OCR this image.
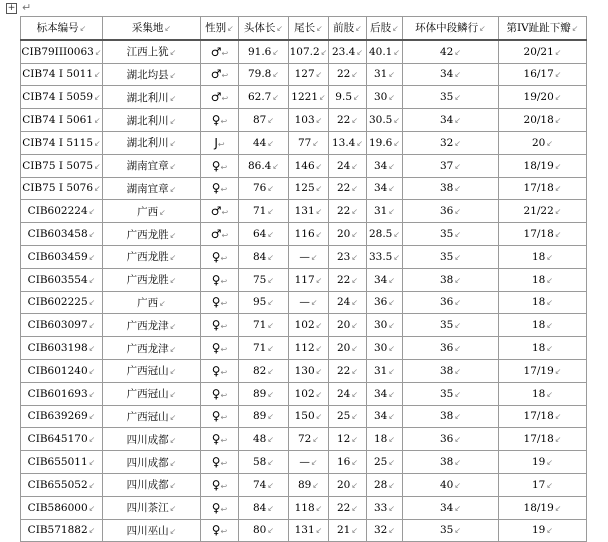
+ ↵
标本编号↙	采集地↙	性别↙	头体长↙	尾长↙	前肢↙	后肢↙	环体中段鳞行↙	第IV趾趾下瓣↙
CIB79III0063↙	江西上犹↙	♂↩	91.6↙	107.2↙	23.4↙	40.1↙	42↙	20/21↙
CIB74 I 5011↙	湖北均县↙	♂↩	79.8↙	127↙	22↙	31↙	34↙	16/17↙
CIB74 I 5059↙	湖北利川↙	♂↩	62.7↙	1221↙	9.5↙	30↙	35↙	19/20↙
CIB74 I 5061↙	湖北利川↙	♀↩	87↙	103↙	22↙	30.5↙	34↙	20/18↙
CIB74 I 5115↙	湖北利川↙	J↩	44↙	77↙	13.4↙	19.6↙	32↙	20↙
CIB75 I 5075↙	湖南宜章↙	♀↩	86.4↙	146↙	24↙	34↙	37↙	18/19↙
CIB75 I 5076↙	湖南宜章↙	♀↩	76↙	125↙	22↙	34↙	38↙	17/18↙
CIB602224↙	广西↙	♂↩	71↙	131↙	22↙	31↙	36↙	21/22↙
CIB603458↙	广西龙胜↙	♂↩	64↙	116↙	20↙	28.5↙	35↙	17/18↙
CIB603459↙	广西龙胜↙	♀↩	84↙	—↙	23↙	33.5↙	35↙	18↙
CIB603554↙	广西龙胜↙	♀↩	75↙	117↙	22↙	34↙	38↙	18↙
CIB602225↙	广西↙	♀↩	95↙	—↙	24↙	36↙	36↙	18↙
CIB603097↙	广西龙津↙	♀↩	71↙	102↙	20↙	30↙	35↙	18↙
CIB603198↙	广西龙津↙	♀↩	71↙	112↙	20↙	30↙	36↙	18↙
CIB601240↙	广西冠山↙	♀↩	82↙	130↙	22↙	31↙	38↙	17/19↙
CIB601693↙	广西冠山↙	♀↩	89↙	102↙	24↙	34↙	35↙	18↙
CIB639269↙	广西冠山↙	♀↩	89↙	150↙	25↙	34↙	38↙	17/18↙
CIB645170↙	四川成都↙	♀↩	48↙	72↙	12↙	18↙	36↙	17/18↙
CIB655011↙	四川成都↙	♀↩	58↙	—↙	16↙	25↙	38↙	19↙
CIB655052↙	四川成都↙	♀↩	74↙	89↙	20↙	28↙	40↙	17↙
CIB586000↙	四川茶江↙	♀↩	84↙	118↙	22↙	33↙	34↙	18/19↙
CIB571882↙	四川巫山↙	♀↩	80↙	131↙	21↙	32↙	35↙	19↙
